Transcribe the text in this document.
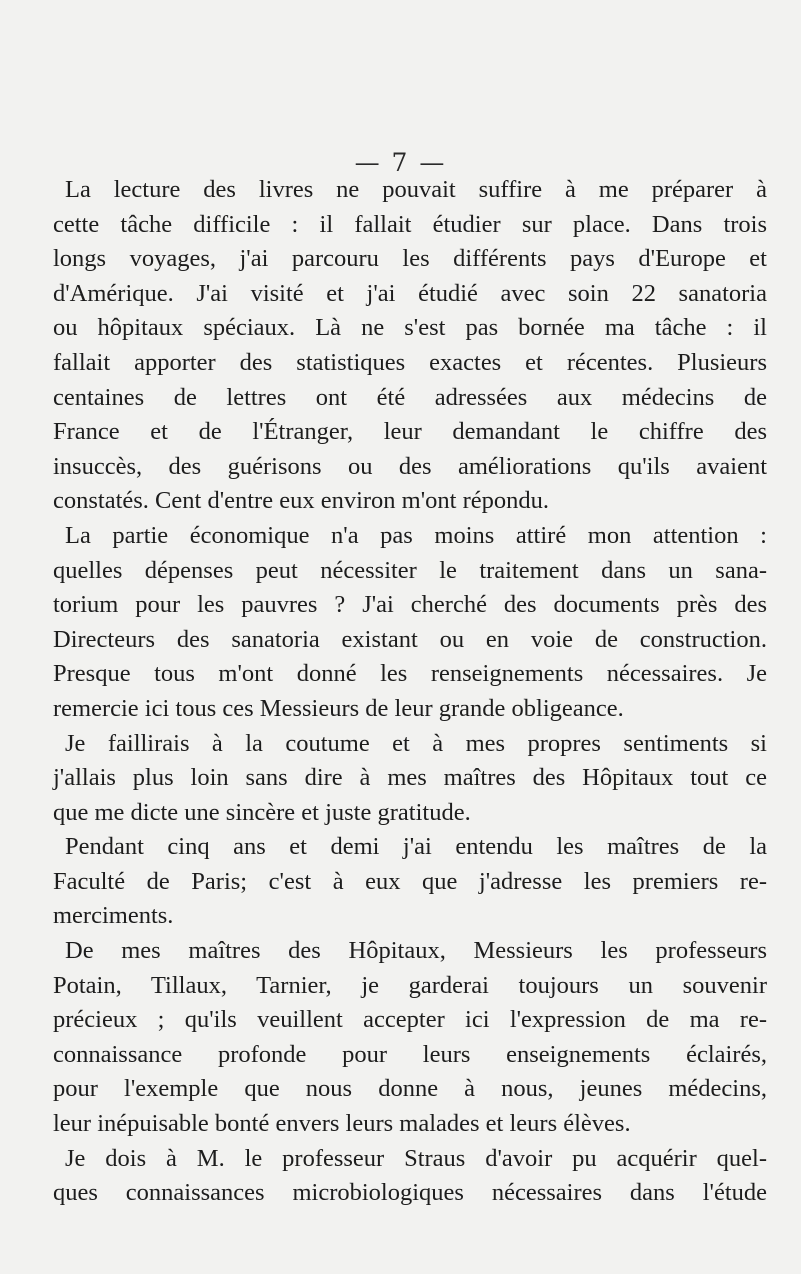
— 7 —
La lecture des livres ne pouvait suffire à me préparer à
cette tâche difficile : il fallait étudier sur place. Dans trois
longs voyages, j'ai parcouru les différents pays d'Europe et
d'Amérique. J'ai visité et j'ai étudié avec soin 22 sanatoria
ou hôpitaux spéciaux. Là ne s'est pas bornée ma tâche : il
fallait apporter des statistiques exactes et récentes. Plusieurs
centaines de lettres ont été adressées aux médecins de
France et de l'Étranger, leur demandant le chiffre des
insuccès, des guérisons ou des améliorations qu'ils avaient
constatés. Cent d'entre eux environ m'ont répondu.
La partie économique n'a pas moins attiré mon attention :
quelles dépenses peut nécessiter le traitement dans un sana-
torium pour les pauvres ? J'ai cherché des documents près des
Directeurs des sanatoria existant ou en voie de construction.
Presque tous m'ont donné les renseignements nécessaires. Je
remercie ici tous ces Messieurs de leur grande obligeance.
Je faillirais à la coutume et à mes propres sentiments si
j'allais plus loin sans dire à mes maîtres des Hôpitaux tout ce
que me dicte une sincère et juste gratitude.
Pendant cinq ans et demi j'ai entendu les maîtres de la
Faculté de Paris; c'est à eux que j'adresse les premiers re-
merciments.
De mes maîtres des Hôpitaux, Messieurs les professeurs
Potain, Tillaux, Tarnier, je garderai toujours un souvenir
précieux ; qu'ils veuillent accepter ici l'expression de ma re-
connaissance profonde pour leurs enseignements éclairés,
pour l'exemple que nous donne à nous, jeunes médecins,
leur inépuisable bonté envers leurs malades et leurs élèves.
Je dois à M. le professeur Straus d'avoir pu acquérir quel-
ques connaissances microbiologiques nécessaires dans l'étude
